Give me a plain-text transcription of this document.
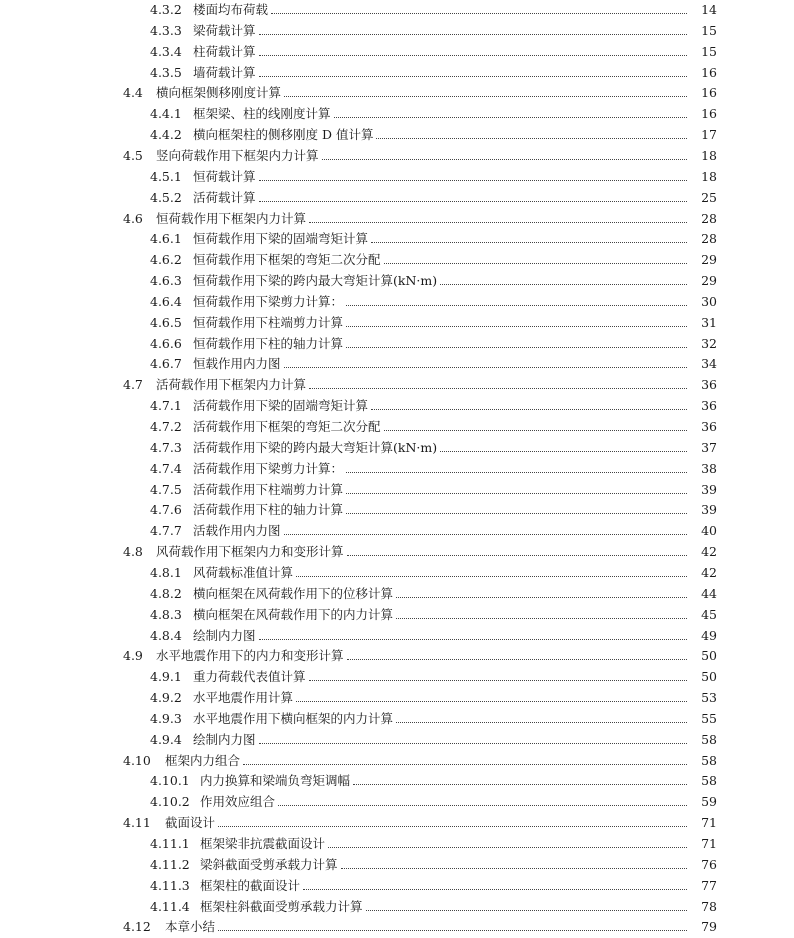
4.3.2 楼面均布荷载	14
4.3.3 梁荷载计算	15
4.3.4 柱荷载计算	15
4.3.5 墙荷载计算	16
4.4	横向框架侧移刚度计算	16
4.4.1 框架梁、柱的线刚度计算	16
4.4.2 横向框架柱的侧移刚度 D 值计算	17
4.5	竖向荷载作用下框架内力计算	18
4.5.1 恒荷载计算	18
4.5.2 活荷载计算	25
4.6	恒荷载作用下框架内力计算	28
4.6.1 恒荷载作用下梁的固端弯矩计算	28
4.6.2 恒荷载作用下框架的弯矩二次分配	29
4.6.3 恒荷载作用下梁的跨内最大弯矩计算(kN·m)	29
4.6.4 恒荷载作用下梁剪力计算：	30
4.6.5 恒荷载作用下柱端剪力计算	31
4.6.6 恒荷载作用下柱的轴力计算	32
4.6.7 恒载作用内力图	34
4.7	活荷载作用下框架内力计算	36
4.7.1 活荷载作用下梁的固端弯矩计算	36
4.7.2 活荷载作用下框架的弯矩二次分配	36
4.7.3 活荷载作用下梁的跨内最大弯矩计算(kN·m)	37
4.7.4 活荷载作用下梁剪力计算：	38
4.7.5 活荷载作用下柱端剪力计算	39
4.7.6 活荷载作用下柱的轴力计算	39
4.7.7 活载作用内力图	40
4.8	风荷载作用下框架内力和变形计算	42
4.8.1 风荷载标准值计算	42
4.8.2 横向框架在风荷载作用下的位移计算	44
4.8.3 横向框架在风荷载作用下的内力计算	45
4.8.4 绘制内力图	49
4.9	水平地震作用下的内力和变形计算	50
4.9.1 重力荷载代表值计算	50
4.9.2 水平地震作用计算	53
4.9.3 水平地震作用下横向框架的内力计算	55
4.9.4 绘制内力图	58
4.10	框架内力组合	58
4.10.1 内力换算和梁端负弯矩调幅	58
4.10.2 作用效应组合	59
4.11	截面设计	71
4.11.1 框架梁非抗震截面设计	71
4.11.2 梁斜截面受剪承载力计算	76
4.11.3 框架柱的截面设计	77
4.11.4 框架柱斜截面受剪承载力计算	78
4.12	本章小结	79
